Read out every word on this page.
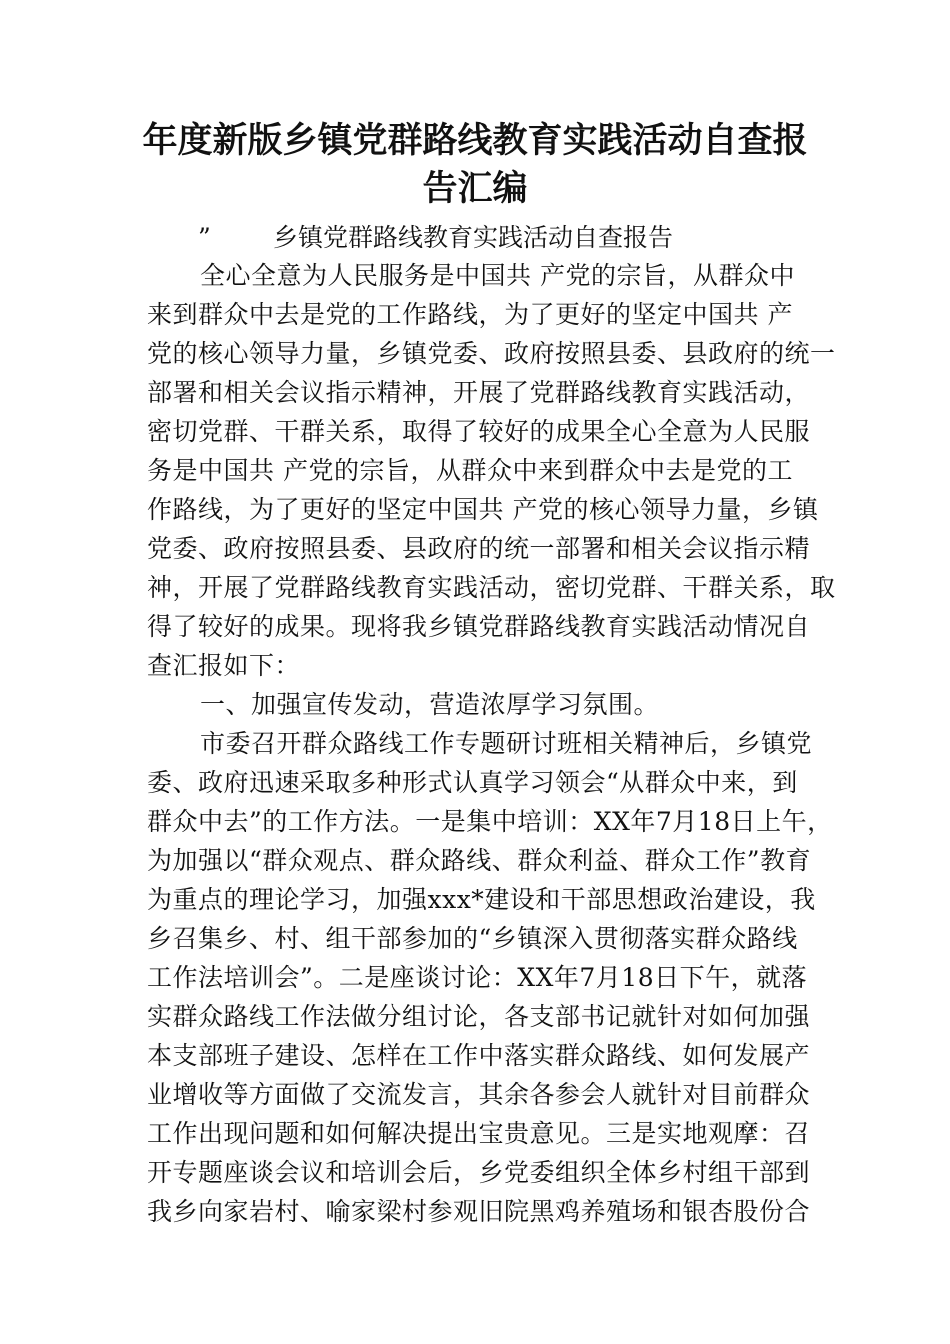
年度新版乡镇党群路线教育实践活动自查报
告汇编
” 乡镇党群路线教育实践活动自查报告
全心全意为人民服务是中国共 产党的宗旨，从群众中
来到群众中去是党的工作路线，为了更好的坚定中国共 产
党的核心领导力量，乡镇党委、政府按照县委、县政府的统一
部署和相关会议指示精神，开展了党群路线教育实践活动，
密切党群、干群关系，取得了较好的成果全心全意为人民服
务是中国共 产党的宗旨，从群众中来到群众中去是党的工
作路线，为了更好的坚定中国共 产党的核心领导力量，乡镇
党委、政府按照县委、县政府的统一部署和相关会议指示精
神，开展了党群路线教育实践活动，密切党群、干群关系，取
得了较好的成果。现将我乡镇党群路线教育实践活动情况自
查汇报如下：
一、加强宣传发动，营造浓厚学习氛围。
市委召开群众路线工作专题研讨班相关精神后，乡镇党
委、政府迅速采取多种形式认真学习领会“从群众中来，到
群众中去”的工作方法。一是集中培训：XX年7月18日上午，
为加强以“群众观点、群众路线、群众利益、群众工作”教育
为重点的理论学习，加强xxx*建设和干部思想政治建设，我
乡召集乡、村、组干部参加的“乡镇深入贯彻落实群众路线
工作法培训会”。二是座谈讨论：XX年7月18日下午，就落
实群众路线工作法做分组讨论，各支部书记就针对如何加强
本支部班子建设、怎样在工作中落实群众路线、如何发展产
业增收等方面做了交流发言，其余各参会人就针对目前群众
工作出现问题和如何解决提出宝贵意见。三是实地观摩：召
开专题座谈会议和培训会后，乡党委组织全体乡村组干部到
我乡向家岩村、喻家梁村参观旧院黑鸡养殖场和银杏股份合
